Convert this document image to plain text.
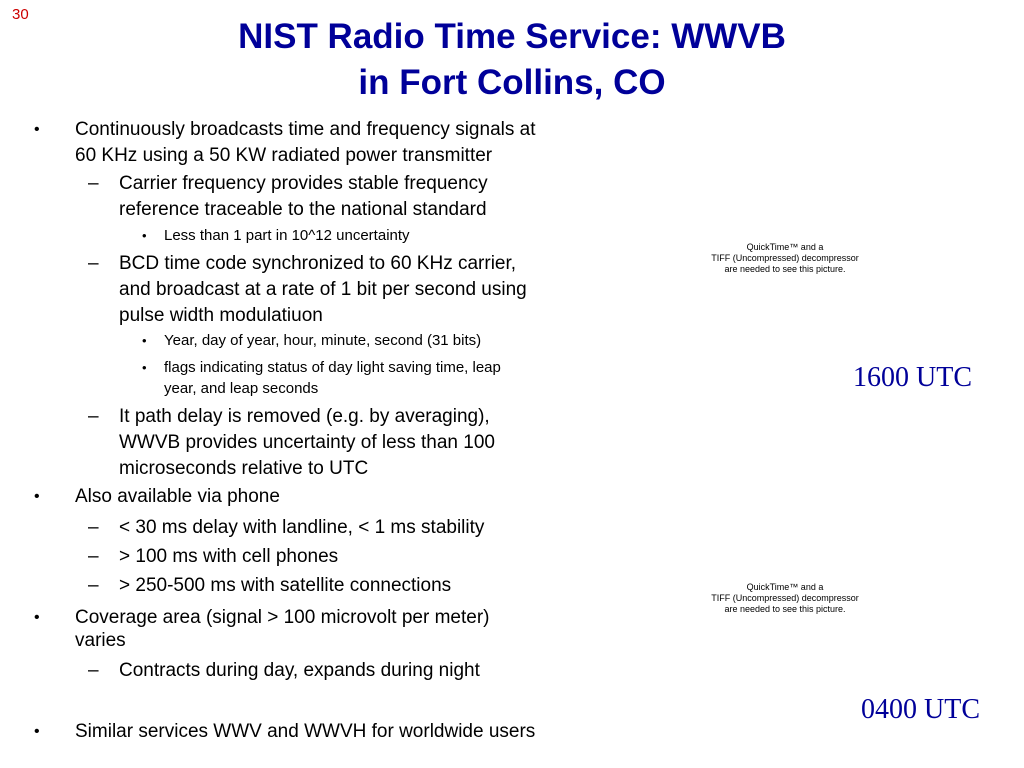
30
NIST Radio Time Service: WWVB
in Fort Collins, CO
• Continuously broadcasts time and frequency signals at
60 KHz using a 50 KW radiated power transmitter
– Carrier frequency provides stable frequency
reference traceable to the national standard
• Less than 1 part in 10^12 uncertainty
– BCD time code synchronized to 60 KHz carrier,
and broadcast at a rate of 1 bit per second using
pulse width modulatiuon
• Year, day of year, hour, minute, second (31 bits)
• flags indicating status of day light saving time, leap
year, and leap seconds
– It path delay is removed (e.g. by averaging),
WWVB provides uncertainty of less than 100
microseconds relative to UTC
• Also available via phone
– < 30 ms delay with landline, < 1 ms stability
– > 100 ms with cell phones
– > 250-500 ms with satellite connections
• Coverage area (signal > 100 microvolt per meter)
varies
– Contracts during day, expands during night
• Similar services WWV and WWVH for worldwide users
QuickTime™ and a
TIFF (Uncompressed) decompressor
are needed to see this picture.
1600 UTC
QuickTime™ and a
TIFF (Uncompressed) decompressor
are needed to see this picture.
0400 UTC
